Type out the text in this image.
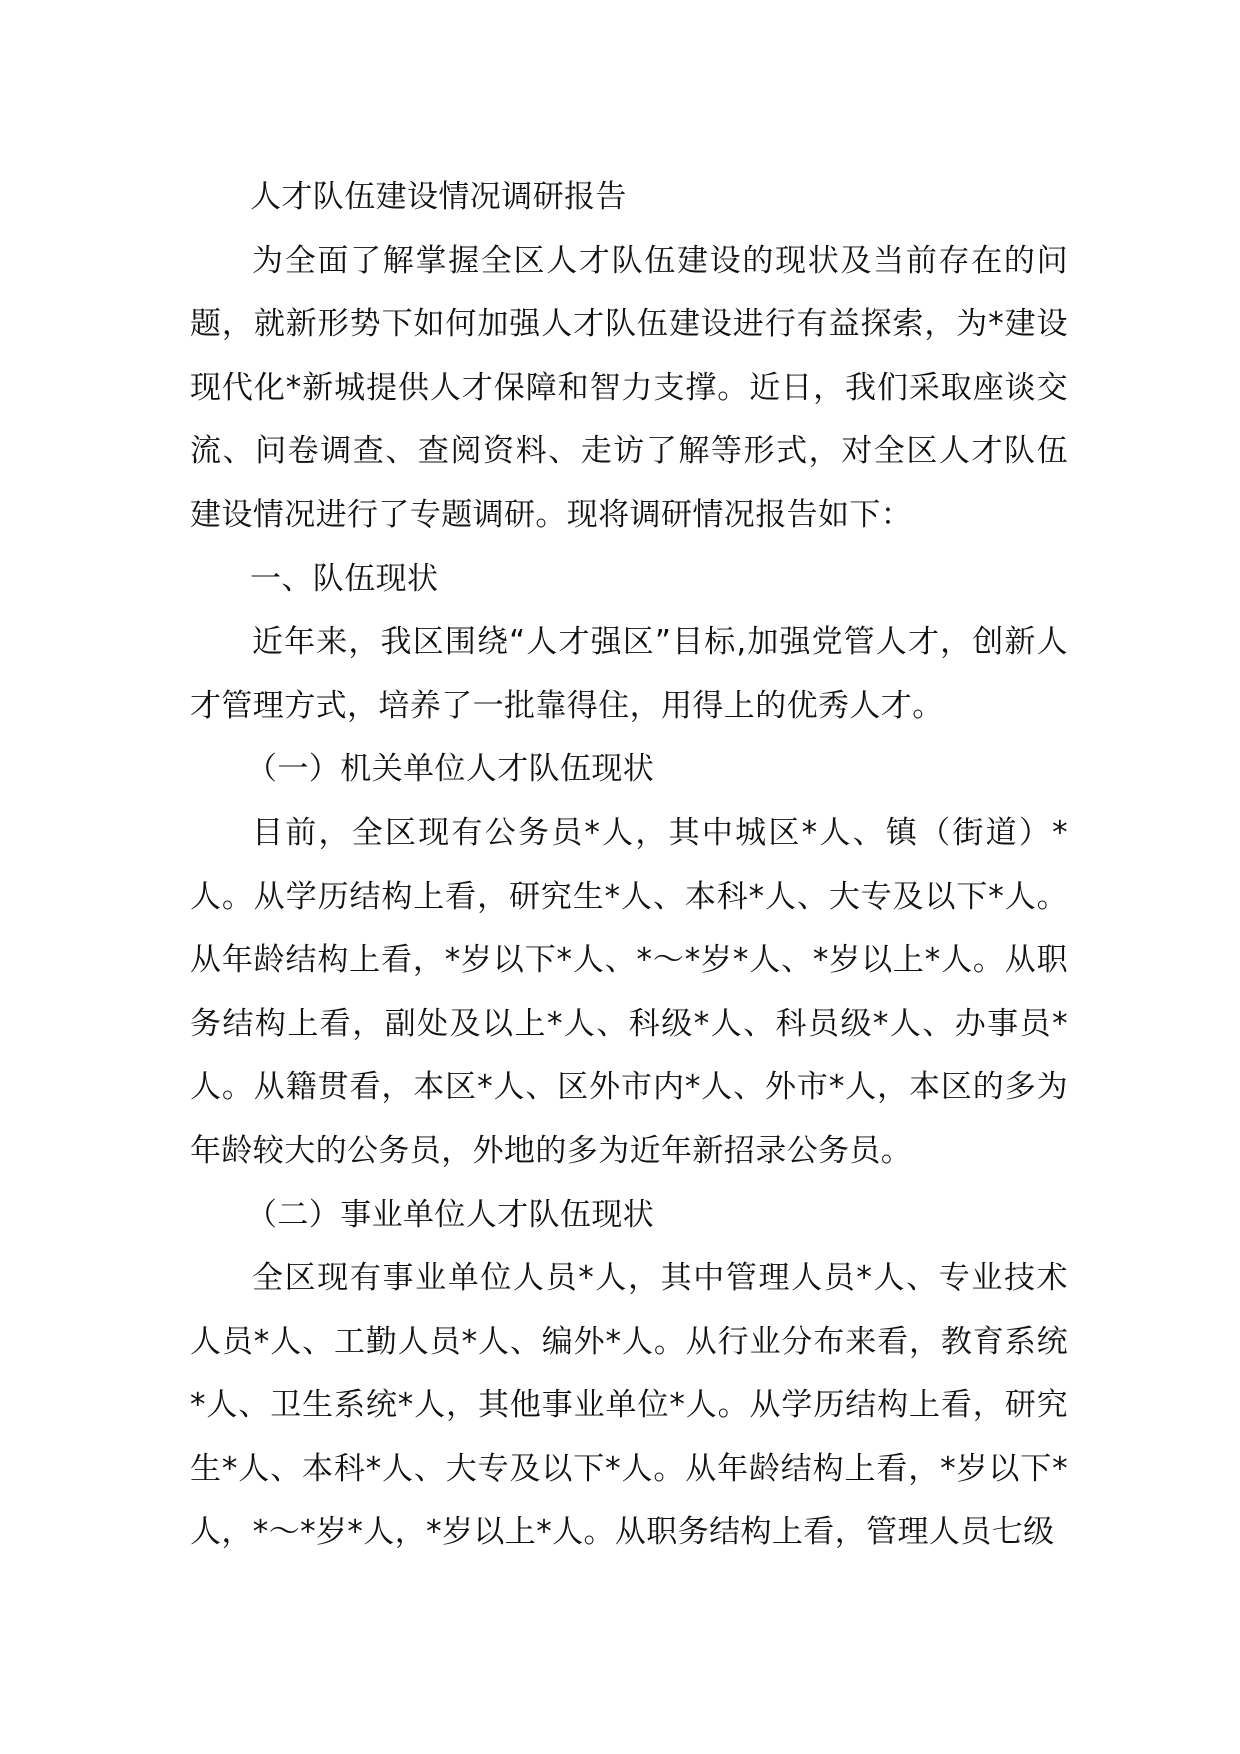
人才队伍建设情况调研报告

为全面了解掌握全区人才队伍建设的现状及当前存在的问题，就新形势下如何加强人才队伍建设进行有益探索，为*建设现代化*新城提供人才保障和智力支撑。近日，我们采取座谈交流、问卷调查、查阅资料、走访了解等形式，对全区人才队伍建设情况进行了专题调研。现将调研情况报告如下：

一、队伍现状

近年来，我区围绕“人才强区”目标,加强党管人才，创新人才管理方式，培养了一批靠得住，用得上的优秀人才。

（一）机关单位人才队伍现状

目前，全区现有公务员*人，其中城区*人、镇（街道）*人。从学历结构上看，研究生*人、本科*人、大专及以下*人。从年龄结构上看，*岁以下*人、*～*岁*人、*岁以上*人。从职务结构上看，副处及以上*人、科级*人、科员级*人、办事员*人。从籍贯看，本区*人、区外市内*人、外市*人，本区的多为年龄较大的公务员，外地的多为近年新招录公务员。

（二）事业单位人才队伍现状

全区现有事业单位人员*人，其中管理人员*人、专业技术人员*人、工勤人员*人、编外*人。从行业分布来看，教育系统*人、卫生系统*人，其他事业单位*人。从学历结构上看，研究生*人、本科*人、大专及以下*人。从年龄结构上看，*岁以下*人，*～*岁*人，*岁以上*人。从职务结构上看，管理人员七级
